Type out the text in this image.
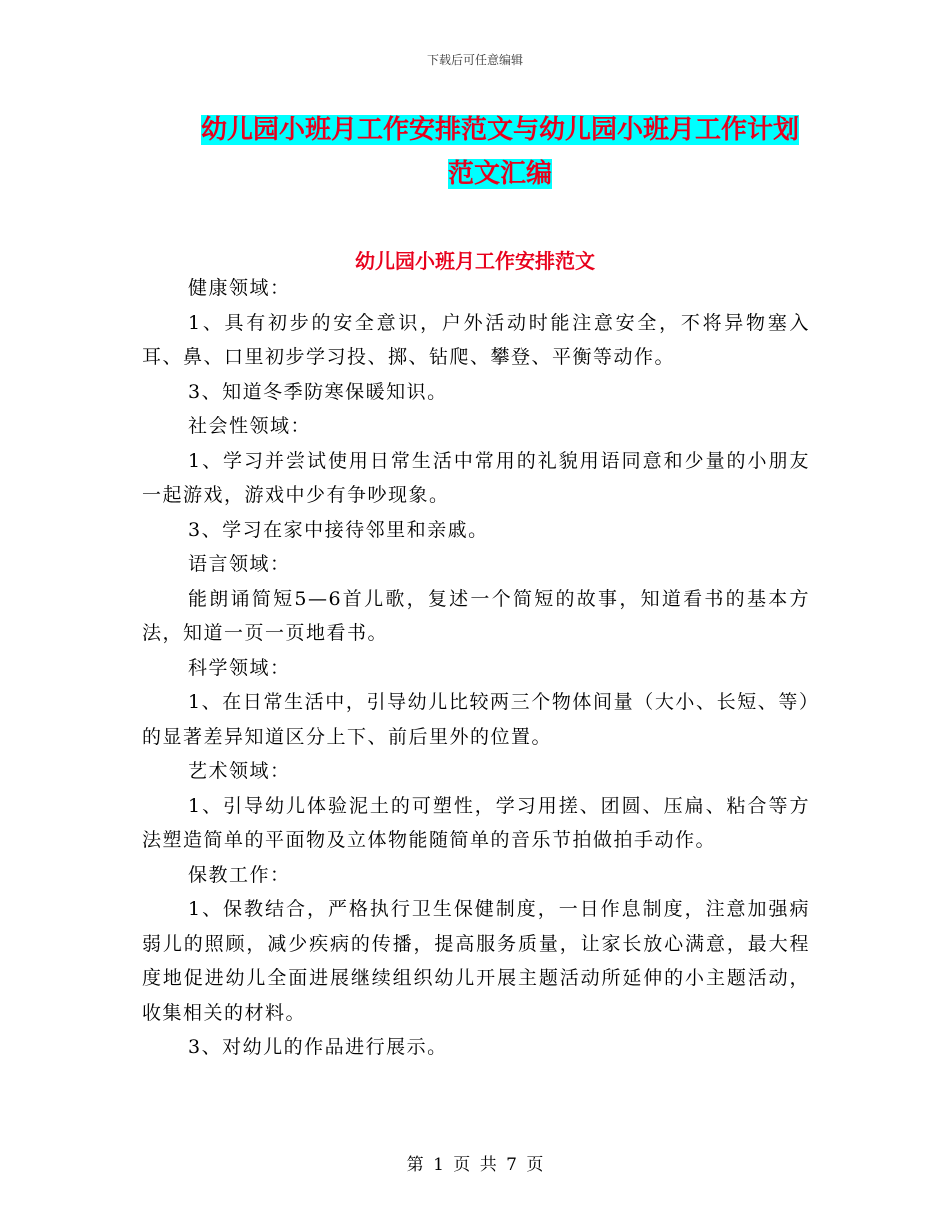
下载后可任意编辑
幼儿园小班月工作安排范文与幼儿园小班月工作计划
范文汇编
幼儿园小班月工作安排范文

健康领域：

1、具有初步的安全意识，户外活动时能注意安全，不将异物塞入耳、鼻、口里初步学习投、掷、钻爬、攀登、平衡等动作。

3、知道冬季防寒保暖知识。

社会性领域：

1、学习并尝试使用日常生活中常用的礼貌用语同意和少量的小朋友一起游戏，游戏中少有争吵现象。

3、学习在家中接待邻里和亲戚。

语言领域：

能朗诵简短5—6首儿歌，复述一个简短的故事，知道看书的基本方法，知道一页一页地看书。

科学领域：

1、在日常生活中，引导幼儿比较两三个物体间量（大小、长短、等）的显著差异知道区分上下、前后里外的位置。

艺术领域：

1、引导幼儿体验泥土的可塑性，学习用搓、团圆、压扁、粘合等方法塑造简单的平面物及立体物能随简单的音乐节拍做拍手动作。

保教工作：

1、保教结合，严格执行卫生保健制度，一日作息制度，注意加强病弱儿的照顾，减少疾病的传播，提高服务质量，让家长放心满意，最大程度地促进幼儿全面进展继续组织幼儿开展主题活动所延伸的小主题活动，收集相关的材料。

3、对幼儿的作品进行展示。

第 1 页 共 7 页
